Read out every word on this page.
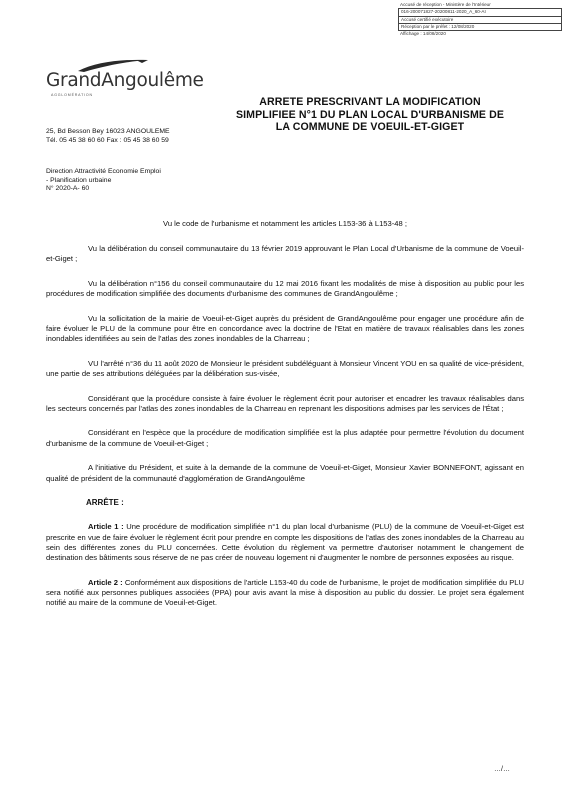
Accusé de réception - Ministère de l'Intérieur
016-200071827-20200811-2020_A_60-AI
Accusé certifié exécutoire
Réception par le préfet : 12/08/2020
Affichage : 14/08/2020
GrandAngoulême
AGGLOMÉRATION
ARRETE PRESCRIVANT LA MODIFICATION
SIMPLIFIEE N°1 DU PLAN LOCAL D'URBANISME DE
LA COMMUNE DE VOEUIL-ET-GIGET
25, Bd Besson Bey 16023 ANGOULEME
Tél. 05 45 38 60 60 Fax : 05 45 38 60 59
Direction Attractivité Economie Emploi
- Planification urbaine
N° 2020-A- 60

Vu le code de l'urbanisme et notamment les articles L153-36 à L153-48 ;

Vu la délibération du conseil communautaire du 13 février 2019 approuvant le Plan Local d'Urbanisme de la commune de Voeuil-et-Giget ;

Vu la délibération n°156 du conseil communautaire du 12 mai 2016 fixant les modalités de mise à disposition au public pour les procédures de modification simplifiée des documents d'urbanisme des communes de GrandAngoulême ;

Vu la sollicitation de la mairie de Voeuil-et-Giget auprès du président de GrandAngoulême pour engager une procédure afin de faire évoluer le PLU de la commune pour être en concordance avec la doctrine de l'Etat en matière de travaux réalisables dans les zones inondables identifiées au sein de l'atlas des zones inondables de la Charreau ;

VU l'arrêté n°36 du 11 août 2020 de Monsieur le président subdéléguant à Monsieur Vincent YOU en sa qualité de vice-président, une partie de ses attributions déléguées par la délibération sus-visée,

Considérant que la procédure consiste à faire évoluer le règlement écrit pour autoriser et encadrer les travaux réalisables dans les secteurs concernés par l'atlas des zones inondables de la Charreau en reprenant les dispositions admises par les services de l'État ;

Considérant en l'espèce que la procédure de modification simplifiée est la plus adaptée pour permettre l'évolution du document d'urbanisme de la commune de Voeuil-et-Giget ;

A l'initiative du Président, et suite à la demande de la commune de Voeuil-et-Giget, Monsieur Xavier BONNEFONT, agissant en qualité de président de la communauté d'agglomération de GrandAngoulême

ARRÊTE :

Article 1 : Une procédure de modification simplifiée n°1 du plan local d'urbanisme (PLU) de la commune de Voeuil-et-Giget est prescrite en vue de faire évoluer le règlement écrit pour prendre en compte les dispositions de l'atlas des zones inondables de la Charreau au sein des différentes zones du PLU concernées. Cette évolution du règlement va permettre d'autoriser notamment le changement de destination des bâtiments sous réserve de ne pas créer de nouveau logement ni d'augmenter le nombre de personnes exposées au risque.

Article 2 : Conformément aux dispositions de l'article L153-40 du code de l'urbanisme, le projet de modification simplifiée du PLU sera notifié aux personnes publiques associées (PPA) pour avis avant la mise à disposition au public du dossier. Le projet sera également notifié au maire de la commune de Voeuil-et-Giget.

…/…
